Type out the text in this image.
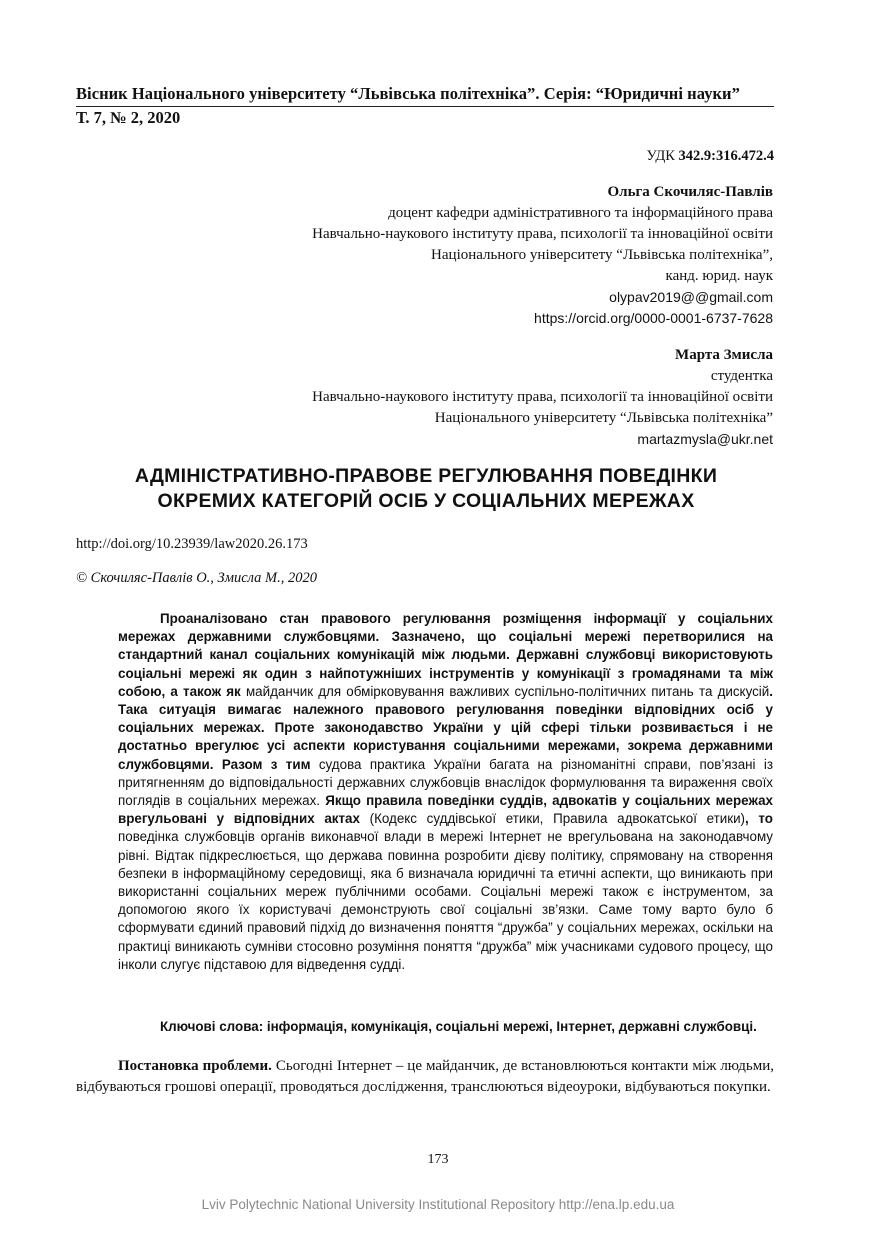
Вісник Національного університету “Львівська політехніка”. Серія: “Юридичні науки”
Т. 7, № 2, 2020
УДК 342.9:316.472.4
Ольга Скочиляс-Павлів
доцент кафедри адміністративного та інформаційного права
Навчально-наукового інституту права, психології та інноваційної освіти
Національного університету “Львівська політехніка”,
канд. юрид. наук
olypav2019@@gmail.com
https://orcid.org/0000-0001-6737-7628
Марта Змисла
студентка
Навчально-наукового інституту права, психології та інноваційної освіти
Національного університету “Львівська політехніка”
martazmysla@ukr.net
АДМІНІСТРАТИВНО-ПРАВОВЕ РЕГУЛЮВАННЯ ПОВЕДІНКИ
ОКРЕМИХ КАТЕГОРІЙ ОСІБ У СОЦІАЛЬНИХ МЕРЕЖАХ
http://doi.org/10.23939/law2020.26.173
© Скочиляс-Павлів О., Змисла М., 2020
Проаналізовано стан правового регулювання розміщення інформації у соціальних мережах державними службовцями. Зазначено, що соціальні мережі перетворилися на стандартний канал соціальних комунікацій між людьми. Державні службовці використовують соціальні мережі як один з найпотужніших інструментів у комунікації з громадянами та між собою, а також як майданчик для обмірковування важливих суспільно-політичних питань та дискусій. Така ситуація вимагає належного правового регулювання поведінки відповідних осіб у соціальних мережах. Проте законодавство України у цій сфері тільки розвивається і не достатньо врегулює усі аспекти користування соціальними мережами, зокрема державними службовцями. Разом з тим судова практика України багата на різноманітні справи, пов’язані із притягненням до відповідальності державних службовців внаслідок формулювання та вираження своїх поглядів в соціальних мережах. Якщо правила поведінки суддів, адвокатів у соціальних мережах врегульовані у відповідних актах (Кодекс суддівської етики, Правила адвокатської етики), то поведінка службовців органів виконавчої влади в мережі Інтернет не врегульована на законодавчому рівні. Відтак підкреслюється, що держава повинна розробити дієву політику, спрямовану на створення безпеки в інформаційному середовищі, яка б визначала юридичні та етичні аспекти, що виникають при використанні соціальних мереж публічними особами. Соціальні мережі також є інструментом, за допомогою якого їх користувачі демонструють свої соціальні зв’язки. Саме тому варто було б сформувати єдиний правовий підхід до визначення поняття “дружба” у соціальних мережах, оскільки на практиці виникають сумніви стосовно розуміння поняття “дружба” між учасниками судового процесу, що інколи слугує підставою для відведення судді.
Ключові слова: інформація, комунікація, соціальні мережі, Інтернет, державні службовці.
Постановка проблеми. Сьогодні Інтернет – це майданчик, де встановлюються контакти між людьми, відбуваються грошові операції, проводяться дослідження, транслюються відеоуроки, відбуваються покупки.
173
Lviv Polytechnic National University Institutional Repository http://ena.lp.edu.ua
